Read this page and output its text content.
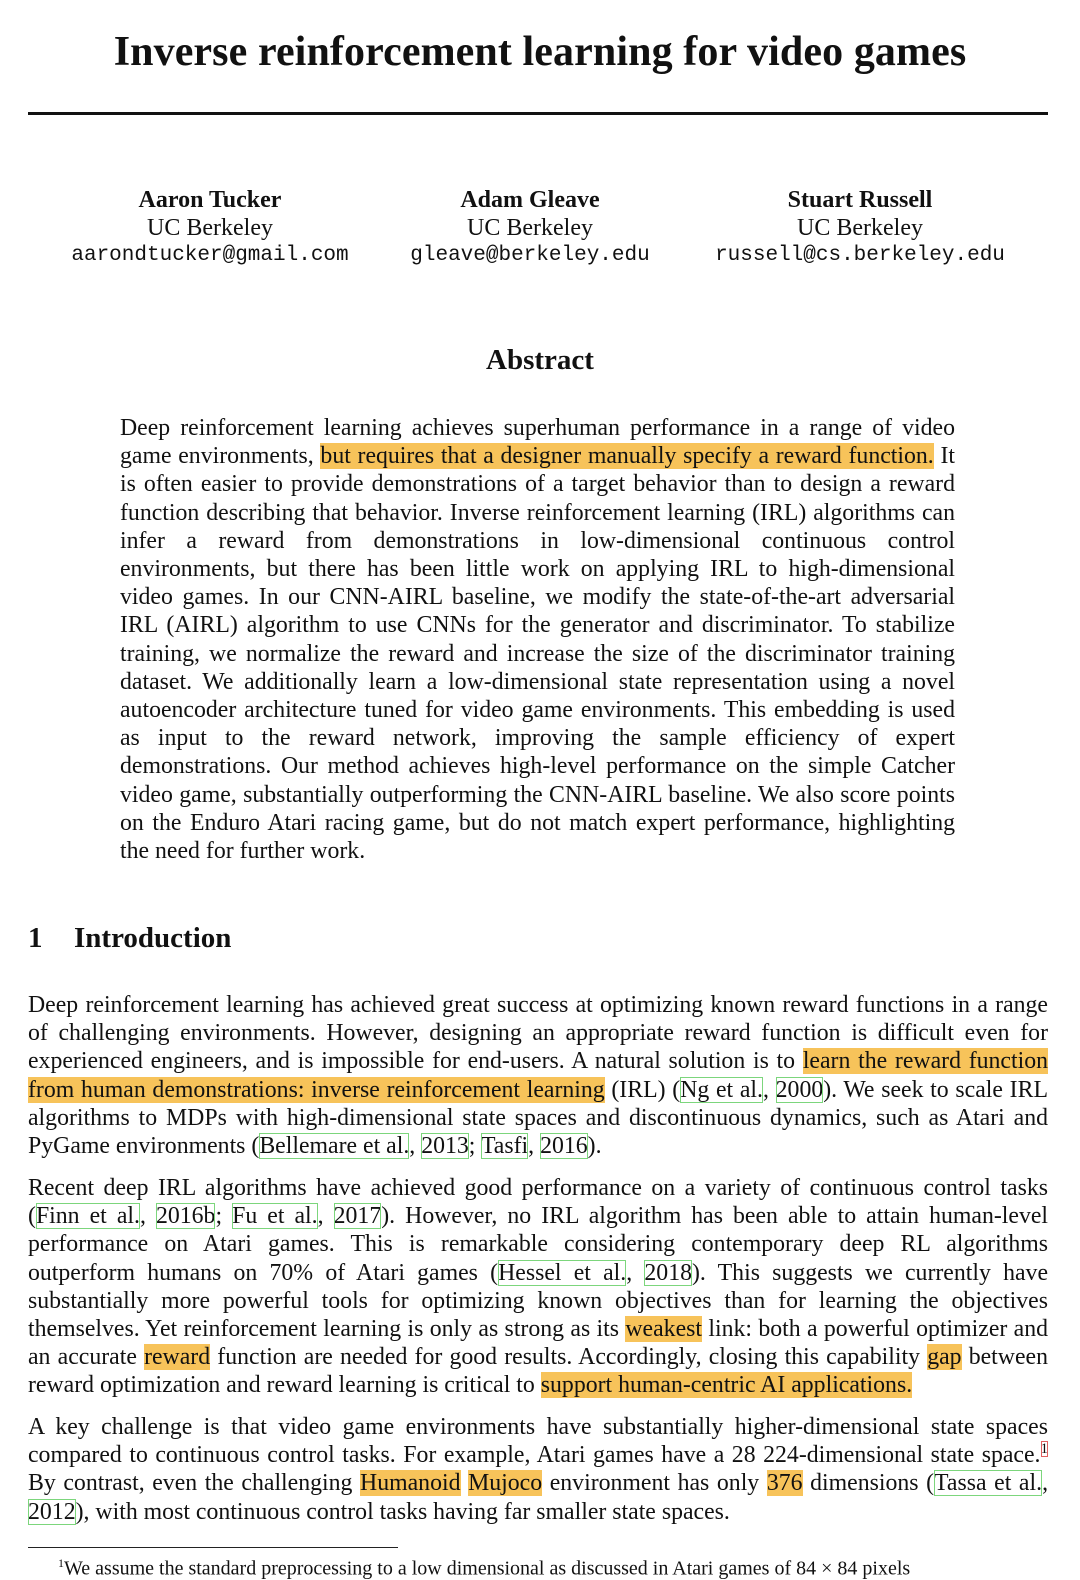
Inverse reinforcement learning for video games
Aaron Tucker
UC Berkeley
aarondtucker@gmail.com
Adam Gleave
UC Berkeley
gleave@berkeley.edu
Stuart Russell
UC Berkeley
russell@cs.berkeley.edu
Abstract
Deep reinforcement learning achieves superhuman performance in a range of video game environments, but requires that a designer manually specify a reward function. It is often easier to provide demonstrations of a target behavior than to design a reward function describing that behavior. Inverse reinforcement learning (IRL) algorithms can infer a reward from demonstrations in low-dimensional continuous control environments, but there has been little work on applying IRL to high-dimensional video games. In our CNN-AIRL baseline, we modify the state-of-the-art adversarial IRL (AIRL) algorithm to use CNNs for the generator and discriminator. To stabilize training, we normalize the reward and increase the size of the discriminator training dataset. We additionally learn a low-dimensional state representation using a novel autoencoder architecture tuned for video game environments. This embedding is used as input to the reward network, improving the sample efficiency of expert demonstrations. Our method achieves high-level performance on the simple Catcher video game, substantially outperforming the CNN-AIRL baseline. We also score points on the Enduro Atari racing game, but do not match expert performance, highlighting the need for further work.
1 Introduction
Deep reinforcement learning has achieved great success at optimizing known reward functions in a range of challenging environments. However, designing an appropriate reward function is difficult even for experienced engineers, and is impossible for end-users. A natural solution is to learn the reward function from human demonstrations: inverse reinforcement learning (IRL) (Ng et al., 2000). We seek to scale IRL algorithms to MDPs with high-dimensional state spaces and discontinuous dynamics, such as Atari and PyGame environments (Bellemare et al., 2013; Tasfi, 2016).
Recent deep IRL algorithms have achieved good performance on a variety of continuous control tasks (Finn et al., 2016b; Fu et al., 2017). However, no IRL algorithm has been able to attain human-level performance on Atari games. This is remarkable considering contemporary deep RL algorithms outperform humans on 70% of Atari games (Hessel et al., 2018). This suggests we currently have substantially more powerful tools for optimizing known objectives than for learning the objectives themselves. Yet reinforcement learning is only as strong as its weakest link: both a powerful optimizer and an accurate reward function are needed for good results. Accordingly, closing this capability gap between reward optimization and reward learning is critical to support human-centric AI applications.
A key challenge is that video game environments have substantially higher-dimensional state spaces compared to continuous control tasks. For example, Atari games have a 28 224-dimensional state space.$^1$ By contrast, even the challenging Humanoid Mujoco environment has only 376 dimensions (Tassa et al., 2012), with most continuous control tasks having far smaller state spaces.
$^1$We assume the standard preprocessing to a low dimensional as discussed in Atari games of 84 × 84 pixels
